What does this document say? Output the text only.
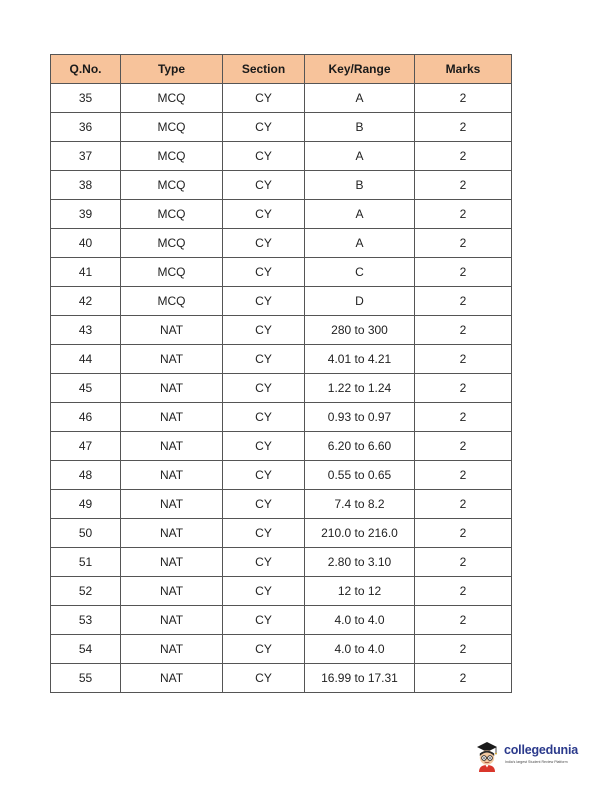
Q.No.	Type	Section	Key/Range	Marks
35	MCQ	CY	A	2
36	MCQ	CY	B	2
37	MCQ	CY	A	2
38	MCQ	CY	B	2
39	MCQ	CY	A	2
40	MCQ	CY	A	2
41	MCQ	CY	C	2
42	MCQ	CY	D	2
43	NAT	CY	280 to 300	2
44	NAT	CY	4.01 to 4.21	2
45	NAT	CY	1.22 to 1.24	2
46	NAT	CY	0.93 to 0.97	2
47	NAT	CY	6.20 to 6.60	2
48	NAT	CY	0.55 to 0.65	2
49	NAT	CY	7.4 to 8.2	2
50	NAT	CY	210.0 to 216.0	2
51	NAT	CY	2.80 to 3.10	2
52	NAT	CY	12 to 12	2
53	NAT	CY	4.0 to 4.0	2
54	NAT	CY	4.0 to 4.0	2
55	NAT	CY	16.99 to 17.31	2
collegedunia
India's largest Student Review Platform
